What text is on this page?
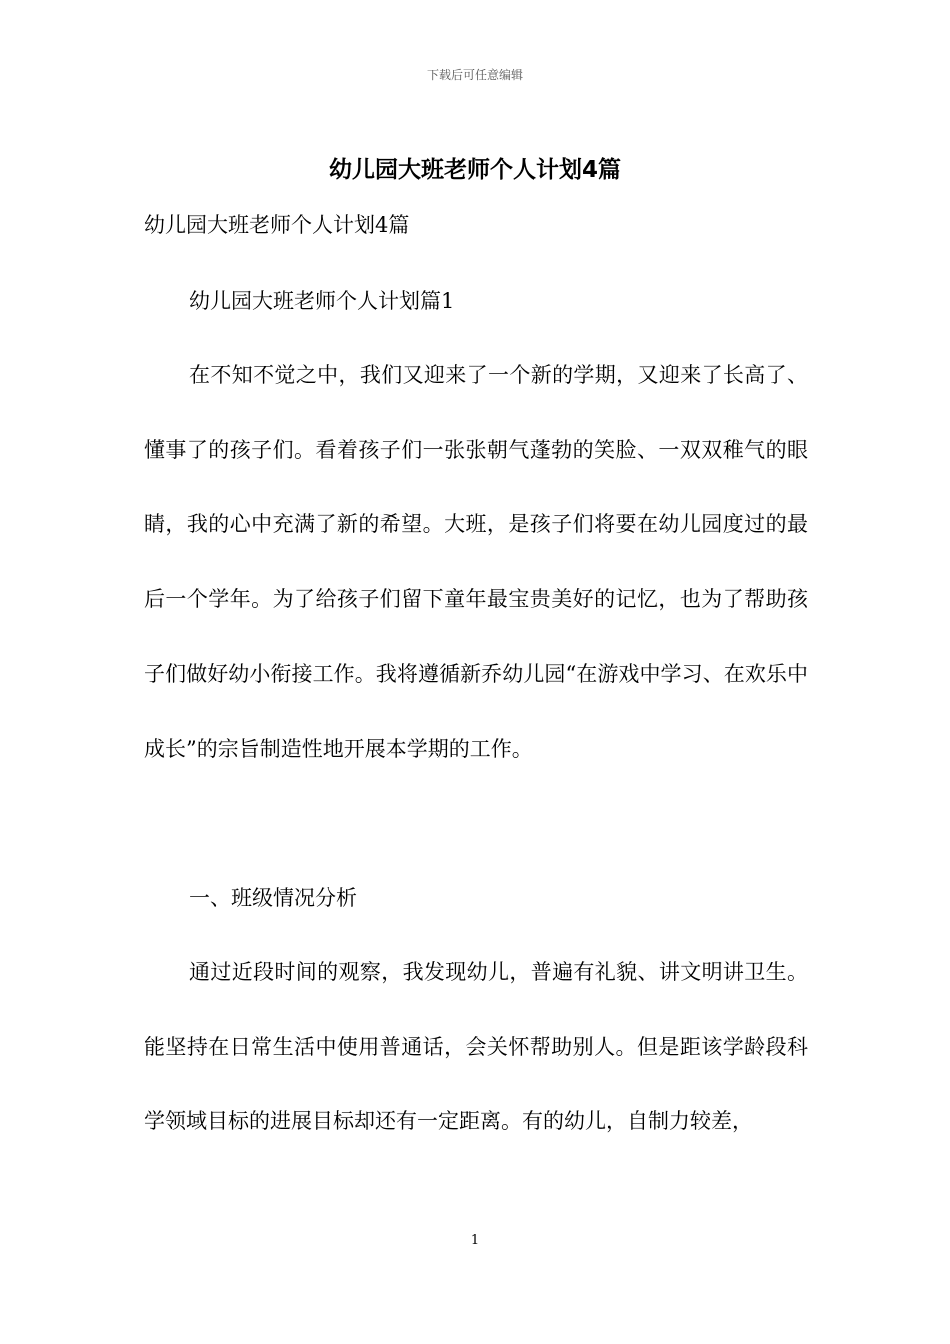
下载后可任意编辑
幼儿园大班老师个人计划4篇
幼儿园大班老师个人计划4篇
幼儿园大班老师个人计划篇1

在不知不觉之中，我们又迎来了一个新的学期，又迎来了长高了、懂事了的孩子们。看着孩子们一张张朝气蓬勃的笑脸、一双双稚气的眼睛，我的心中充满了新的希望。大班，是孩子们将要在幼儿园度过的最后一个学年。为了给孩子们留下童年最宝贵美好的记忆，也为了帮助孩子们做好幼小衔接工作。我将遵循新乔幼儿园“在游戏中学习、在欢乐中成长”的宗旨制造性地开展本学期的工作。

一、班级情况分析

通过近段时间的观察，我发现幼儿，普遍有礼貌、讲文明讲卫生。能坚持在日常生活中使用普通话，会关怀帮助别人。但是距该学龄段科学领域目标的进展目标却还有一定距离。有的幼儿，自制力较差，

1
